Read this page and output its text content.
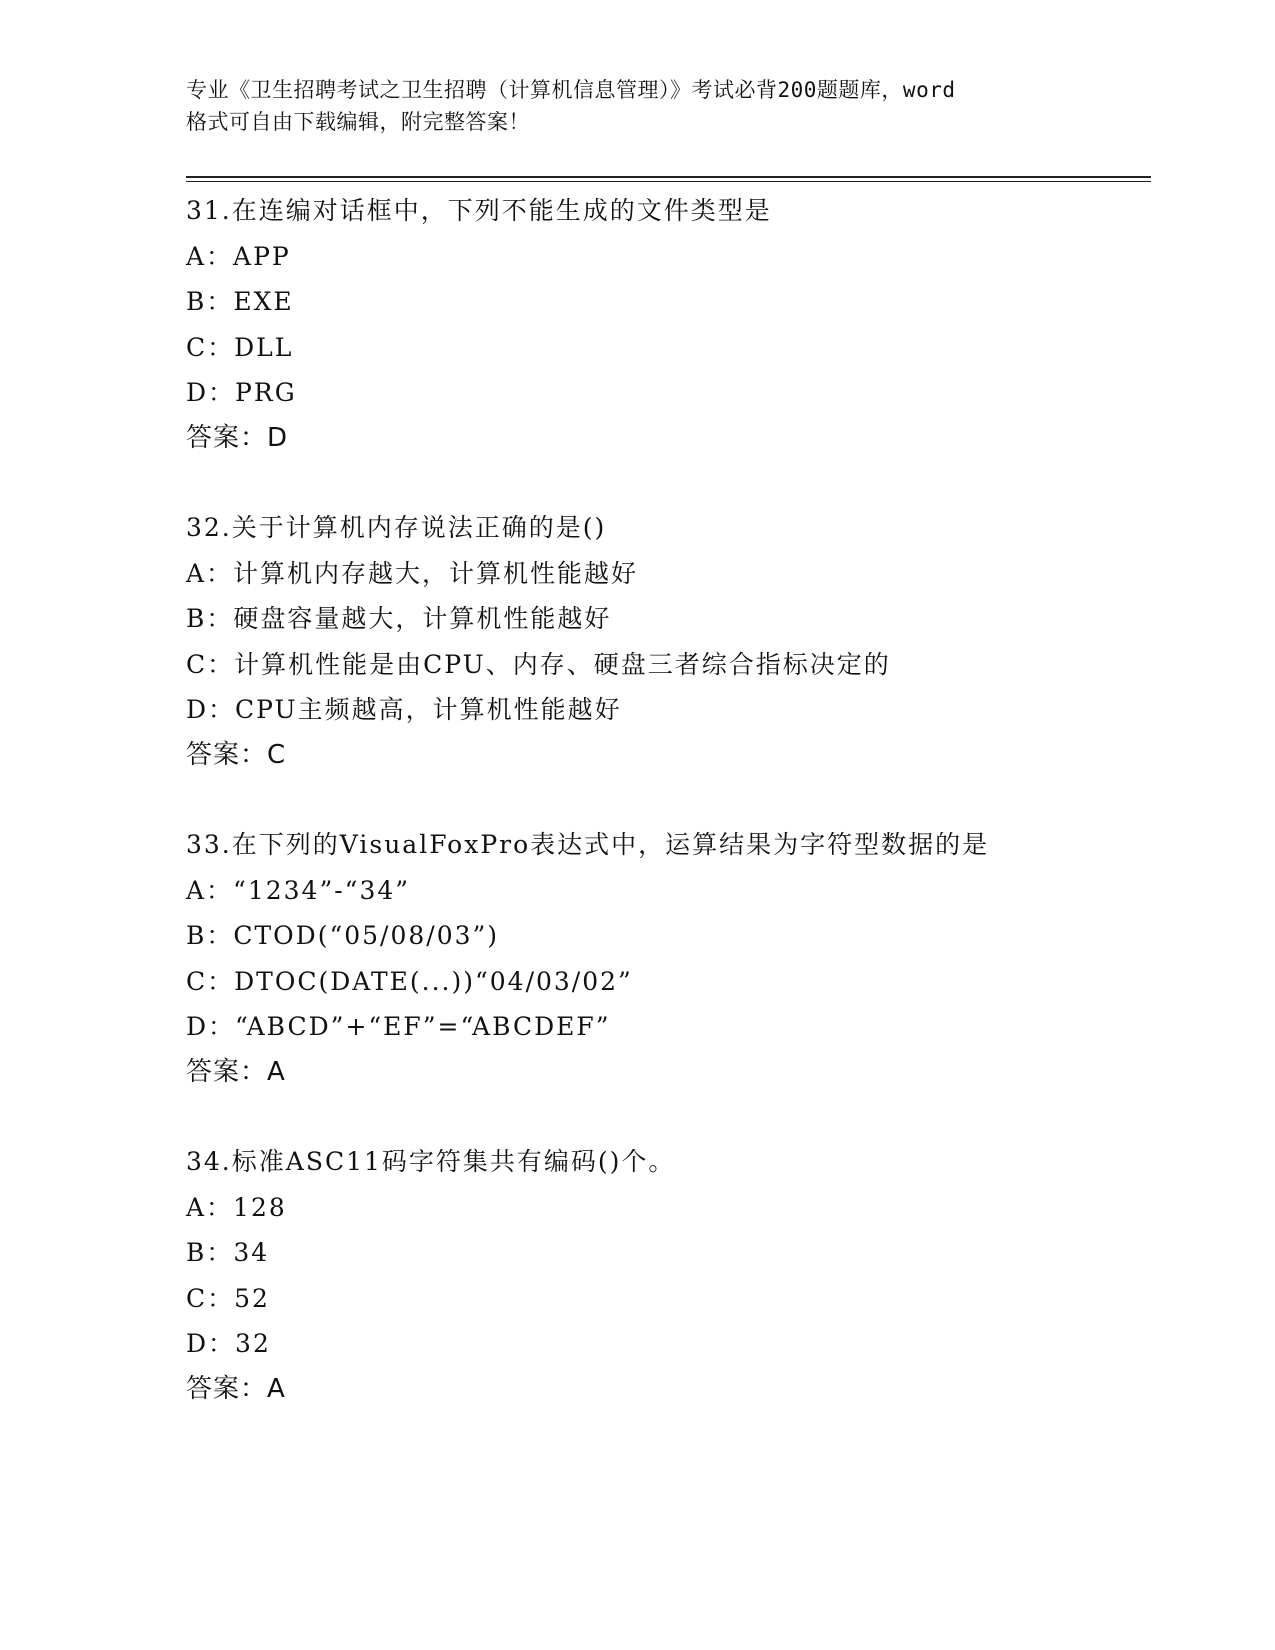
专业《卫生招聘考试之卫生招聘（计算机信息管理）》考试必背200题题库，word
格式可自由下载编辑，附完整答案！
31.在连编对话框中，下列不能生成的文件类型是
A：APP
B：EXE
C：DLL
D：PRG
答案：D
32.关于计算机内存说法正确的是()
A：计算机内存越大，计算机性能越好
B：硬盘容量越大，计算机性能越好
C：计算机性能是由CPU、内存、硬盘三者综合指标决定的
D：CPU主频越高，计算机性能越好
答案：C
33.在下列的VisualFoxPro表达式中，运算结果为字符型数据的是
A：“1234”-“34”
B：CTOD(“05/08/03”)
C：DTOC(DATE(...))“04/03/02”
D：“ABCD”+“EF”=“ABCDEF”
答案：A
34.标准ASC11码字符集共有编码()个。
A：128
B：34
C：52
D：32
答案：A
